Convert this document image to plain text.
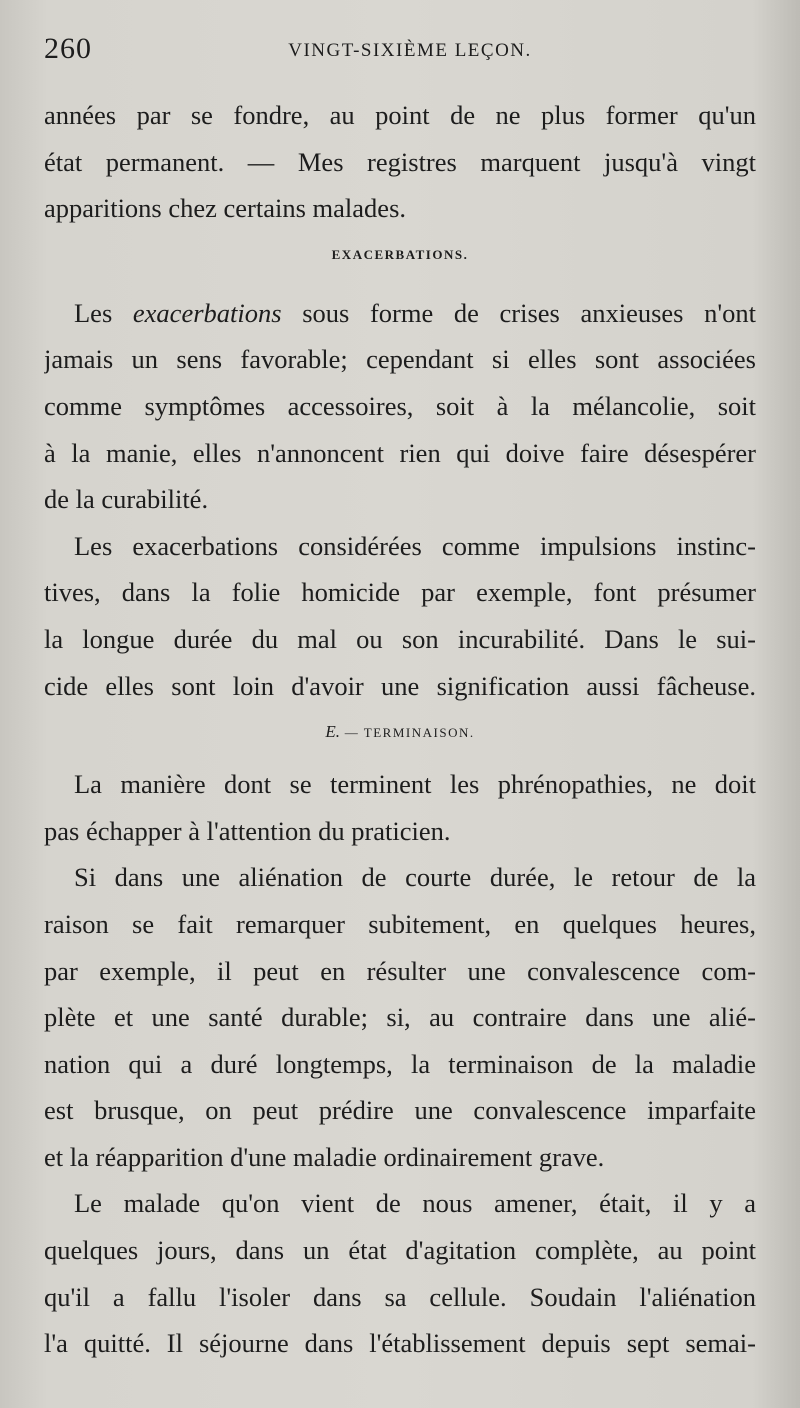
260	VINGT-SIXIÈME LEÇON.
années par se fondre, au point de ne plus former qu'un
état permanent. — Mes registres marquent jusqu'à vingt
apparitions chez certains malades.
EXACERBATIONS.
Les exacerbations sous forme de crises anxieuses n'ont
jamais un sens favorable; cependant si elles sont associées
comme symptômes accessoires, soit à la mélancolie, soit
à la manie, elles n'annoncent rien qui doive faire désespérer
de la curabilité.
Les exacerbations considérées comme impulsions instinc-
tives, dans la folie homicide par exemple, font présumer
la longue durée du mal ou son incurabilité. Dans le sui-
cide elles sont loin d'avoir une signification aussi fâcheuse.
E. — TERMINAISON.
La manière dont se terminent les phrénopathies, ne doit
pas échapper à l'attention du praticien.
Si dans une aliénation de courte durée, le retour de la
raison se fait remarquer subitement, en quelques heures,
par exemple, il peut en résulter une convalescence com-
plète et une santé durable; si, au contraire dans une alié-
nation qui a duré longtemps, la terminaison de la maladie
est brusque, on peut prédire une convalescence imparfaite
et la réapparition d'une maladie ordinairement grave.
Le malade qu'on vient de nous amener, était, il y a
quelques jours, dans un état d'agitation complète, au point
qu'il a fallu l'isoler dans sa cellule. Soudain l'aliénation
l'a quitté. Il séjourne dans l'établissement depuis sept semai-
